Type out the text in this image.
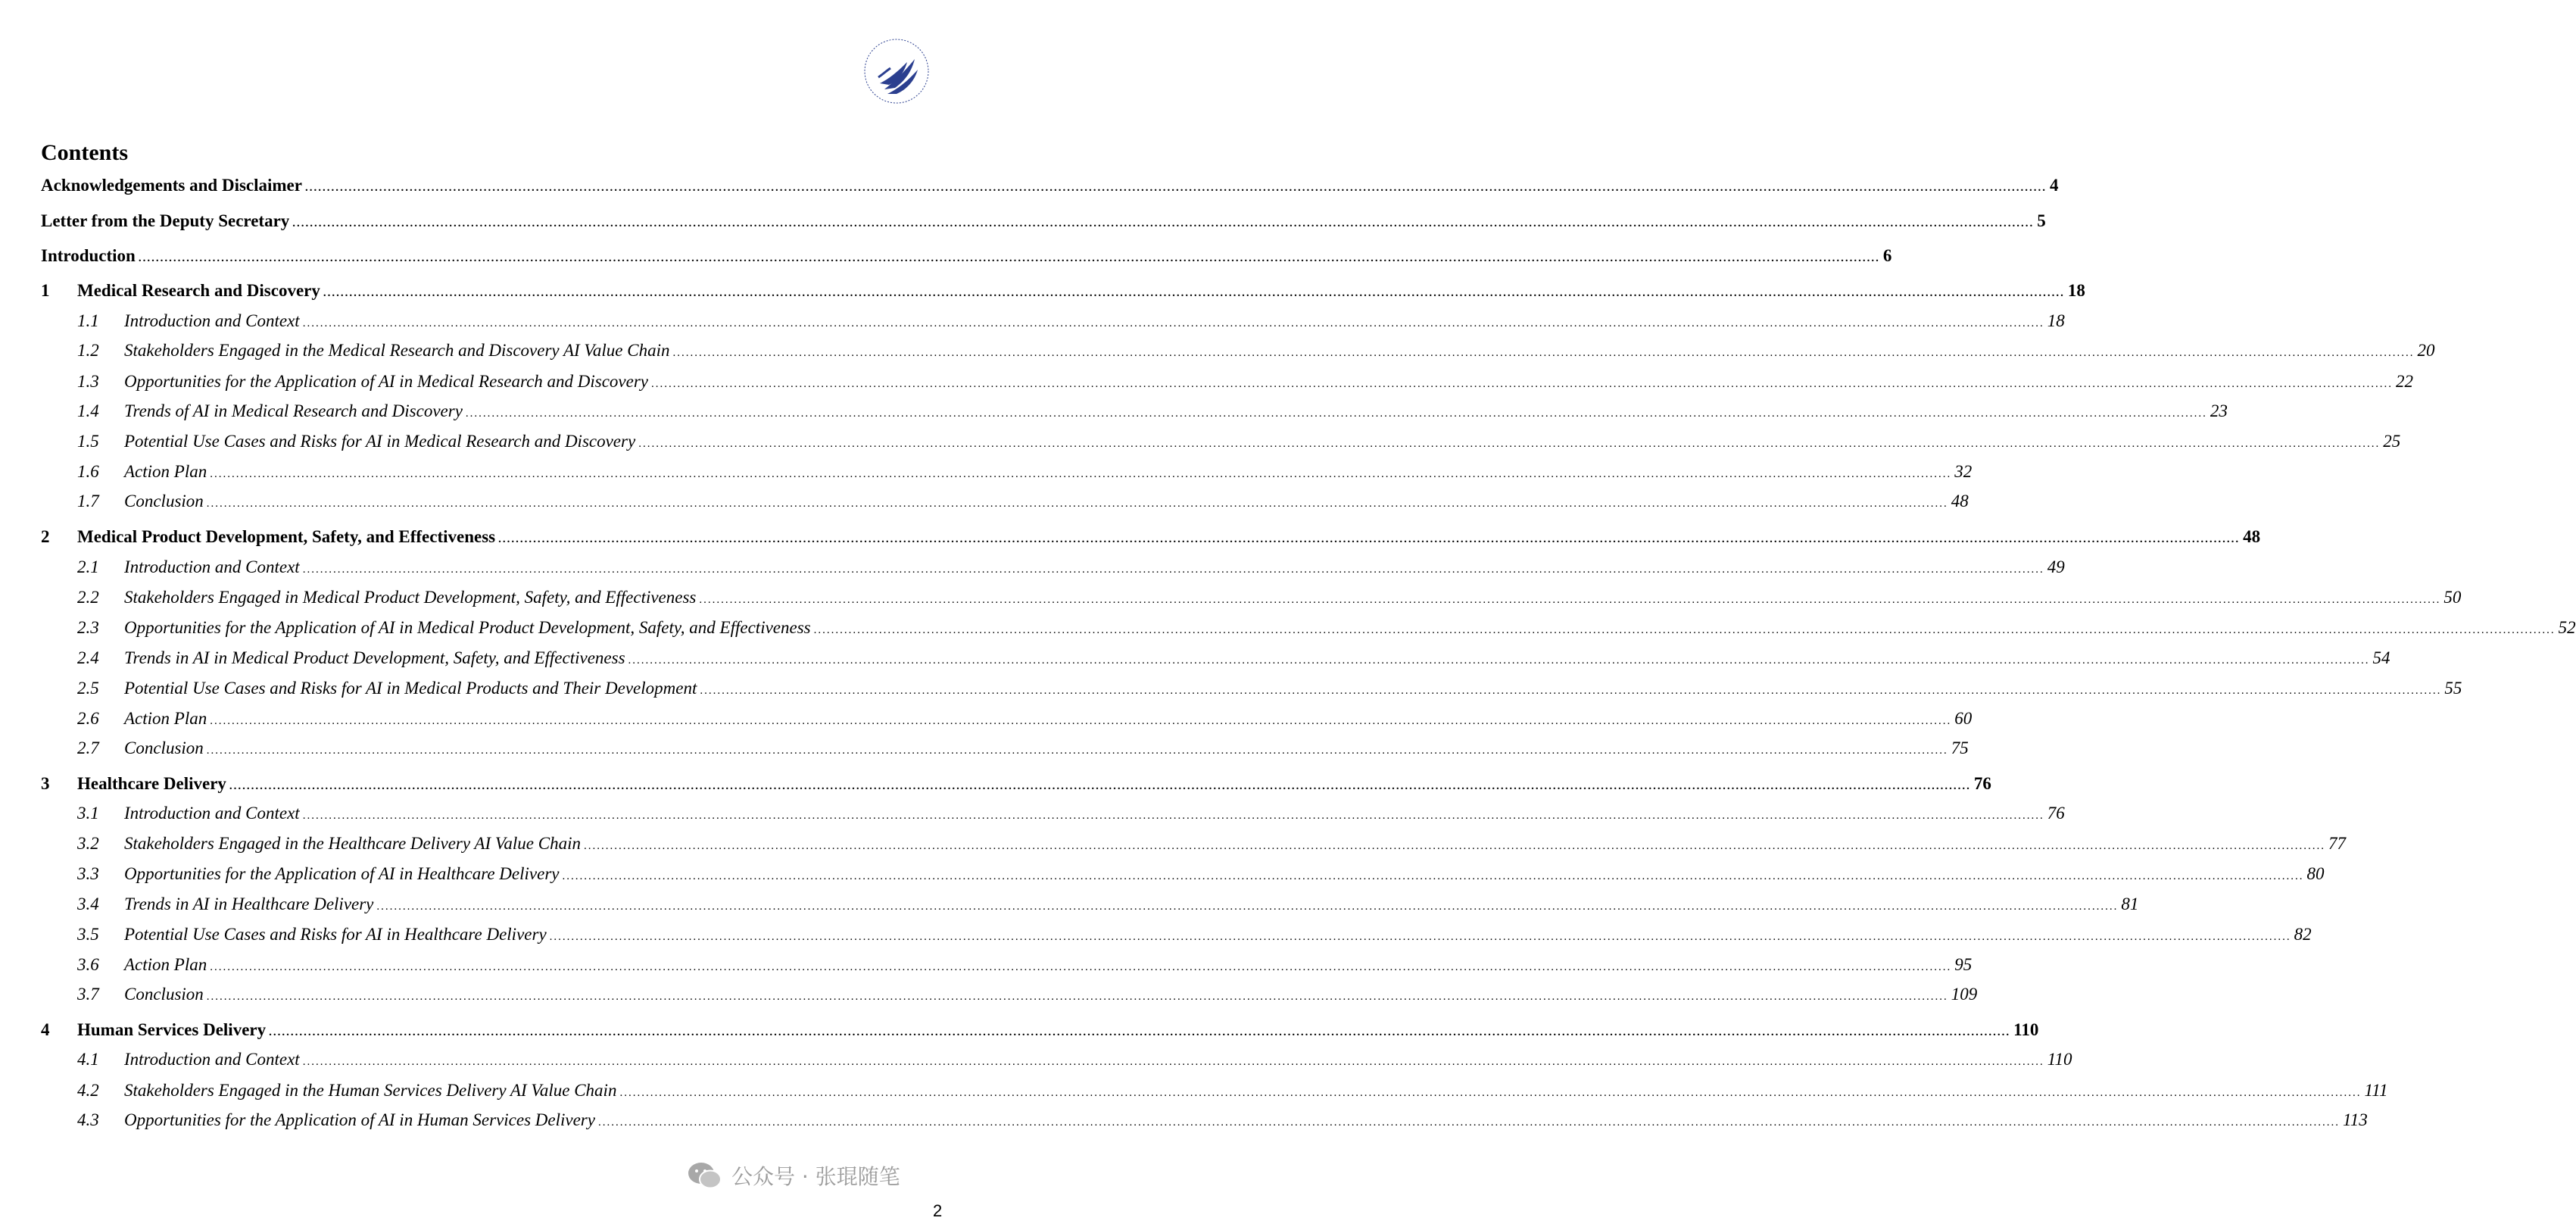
Contents
Acknowledgements and Disclaimer ................................................................................................................................................................................................................................................................................................................................................................................................................ 4
Letter from the Deputy Secretary ................................................................................................................................................................................................................................................................................................................................................................................................................ 5
Introduction ................................................................................................................................................................................................................................................................................................................................................................................................................ 6
1	Medical Research and Discovery ................................................................................................................................................................................................................................................................................................................................................................................................................ 18
1.1	Introduction and Context ................................................................................................................................................................................................................................................................................................................................................................................................................ 18
1.2	Stakeholders Engaged in the Medical Research and Discovery AI Value Chain ................................................................................................................................................................................................................................................................................................................................................................................................................ 20
1.3	Opportunities for the Application of AI in Medical Research and Discovery ................................................................................................................................................................................................................................................................................................................................................................................................................ 22
1.4	Trends of AI in Medical Research and Discovery ................................................................................................................................................................................................................................................................................................................................................................................................................ 23
1.5	Potential Use Cases and Risks for AI in Medical Research and Discovery ................................................................................................................................................................................................................................................................................................................................................................................................................ 25
1.6	Action Plan ................................................................................................................................................................................................................................................................................................................................................................................................................ 32
1.7	Conclusion ................................................................................................................................................................................................................................................................................................................................................................................................................ 48
2	Medical Product Development, Safety, and Effectiveness ................................................................................................................................................................................................................................................................................................................................................................................................................ 48
2.1	Introduction and Context ................................................................................................................................................................................................................................................................................................................................................................................................................ 49
2.2	Stakeholders Engaged in Medical Product Development, Safety, and Effectiveness ................................................................................................................................................................................................................................................................................................................................................................................................................ 50
2.3	Opportunities for the Application of AI in Medical Product Development, Safety, and Effectiveness ................................................................................................................................................................................................................................................................................................................................................................................................................ 52
2.4	Trends in AI in Medical Product Development, Safety, and Effectiveness ................................................................................................................................................................................................................................................................................................................................................................................................................ 54
2.5	Potential Use Cases and Risks for AI in Medical Products and Their Development ................................................................................................................................................................................................................................................................................................................................................................................................................ 55
2.6	Action Plan ................................................................................................................................................................................................................................................................................................................................................................................................................ 60
2.7	Conclusion ................................................................................................................................................................................................................................................................................................................................................................................................................ 75
3	Healthcare Delivery ................................................................................................................................................................................................................................................................................................................................................................................................................ 76
3.1	Introduction and Context ................................................................................................................................................................................................................................................................................................................................................................................................................ 76
3.2	Stakeholders Engaged in the Healthcare Delivery AI Value Chain ................................................................................................................................................................................................................................................................................................................................................................................................................ 77
3.3	Opportunities for the Application of AI in Healthcare Delivery ................................................................................................................................................................................................................................................................................................................................................................................................................ 80
3.4	Trends in AI in Healthcare Delivery ................................................................................................................................................................................................................................................................................................................................................................................................................ 81
3.5	Potential Use Cases and Risks for AI in Healthcare Delivery ................................................................................................................................................................................................................................................................................................................................................................................................................ 82
3.6	Action Plan ................................................................................................................................................................................................................................................................................................................................................................................................................ 95
3.7	Conclusion ................................................................................................................................................................................................................................................................................................................................................................................................................ 109
4	Human Services Delivery ................................................................................................................................................................................................................................................................................................................................................................................................................ 110
4.1	Introduction and Context ................................................................................................................................................................................................................................................................................................................................................................................................................ 110
4.2	Stakeholders Engaged in the Human Services Delivery AI Value Chain ................................................................................................................................................................................................................................................................................................................................................................................................................ 111
4.3	Opportunities for the Application of AI in Human Services Delivery ................................................................................................................................................................................................................................................................................................................................................................................................................ 113
2
公众号 · 张琨随笔
